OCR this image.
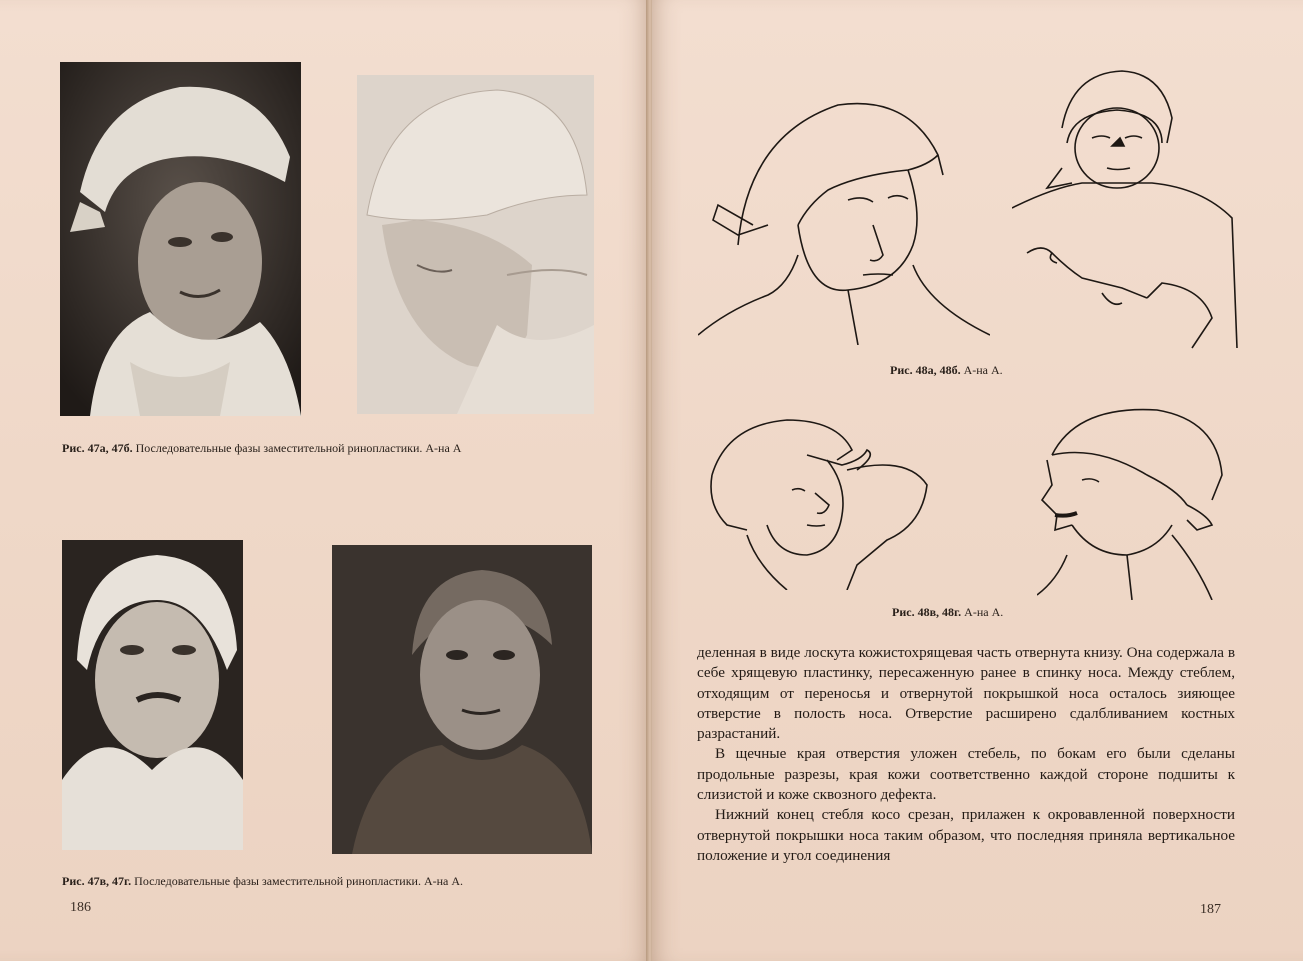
Рис. 47а, 47б. Последовательные фазы заместительной ринопластики. А-на А
Рис. 47в, 47г. Последовательные фазы заместительной ринопластики. А-на А.
186
Рис. 48а, 48б. А-на А.
Рис. 48в, 48г. А-на А.

деленная в виде лоскута кожистохрящевая часть отвернута книзу. Она содержала в себе хрящевую пластинку, пересаженную ранее в спинку носа. Между стеблем, отходящим от переносья и отвернутой покрышкой носа осталось зияющее отверстие в полость носа. Отверстие расширено сдалбливанием костных разрастаний.

В щечные края отверстия уложен стебель, по бокам его были сделаны продольные разрезы, края кожи соответственно каждой стороне подшиты к слизистой и коже сквозного дефекта.

Нижний конец стебля косо срезан, прилажен к окровавленной поверхности отвернутой покрышки носа таким образом, что последняя приняла вертикальное положение и угол соединения

187
